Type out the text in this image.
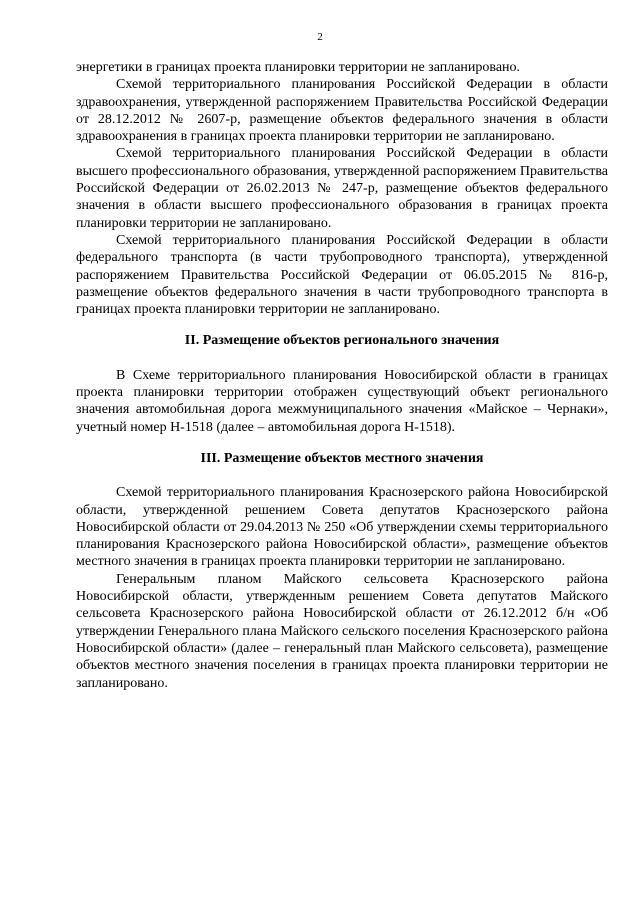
2

энергетики в границах проекта планировки территории не запланировано.

Схемой территориального планирования Российской Федерации в области здравоохранения, утвержденной распоряжением Правительства Российской Федерации от 28.12.2012 № 2607-р, размещение объектов федерального значения в области здравоохранения в границах проекта планировки территории не запланировано.

Схемой территориального планирования Российской Федерации в области высшего профессионального образования, утвержденной распоряжением Правительства Российской Федерации от 26.02.2013 № 247-р, размещение объектов федерального значения в области высшего профессионального образования в границах проекта планировки территории не запланировано.

Схемой территориального планирования Российской Федерации в области федерального транспорта (в части трубопроводного транспорта), утвержденной распоряжением Правительства Российской Федерации от 06.05.2015 № 816-р, размещение объектов федерального значения в части трубопроводного транспорта в границах проекта планировки территории не запланировано.

II. Размещение объектов регионального значения

В Схеме территориального планирования Новосибирской области в границах проекта планировки территории отображен существующий объект регионального значения автомобильная дорога межмуниципального значения «Майское – Чернаки», учетный номер Н-1518 (далее – автомобильная дорога Н-1518).

III. Размещение объектов местного значения

Схемой территориального планирования Краснозерского района Новосибирской области, утвержденной решением Совета депутатов Краснозерского района Новосибирской области от 29.04.2013 № 250 «Об утверждении схемы территориального планирования Краснозерского района Новосибирской области», размещение объектов местного значения в границах проекта планировки территории не запланировано.

Генеральным планом Майского сельсовета Краснозерского района Новосибирской области, утвержденным решением Совета депутатов Майского сельсовета Краснозерского района Новосибирской области от 26.12.2012 б/н «Об утверждении Генерального плана Майского сельского поселения Краснозерского района Новосибирской области» (далее – генеральный план Майского сельсовета), размещение объектов местного значения поселения в границах проекта планировки территории не запланировано.
